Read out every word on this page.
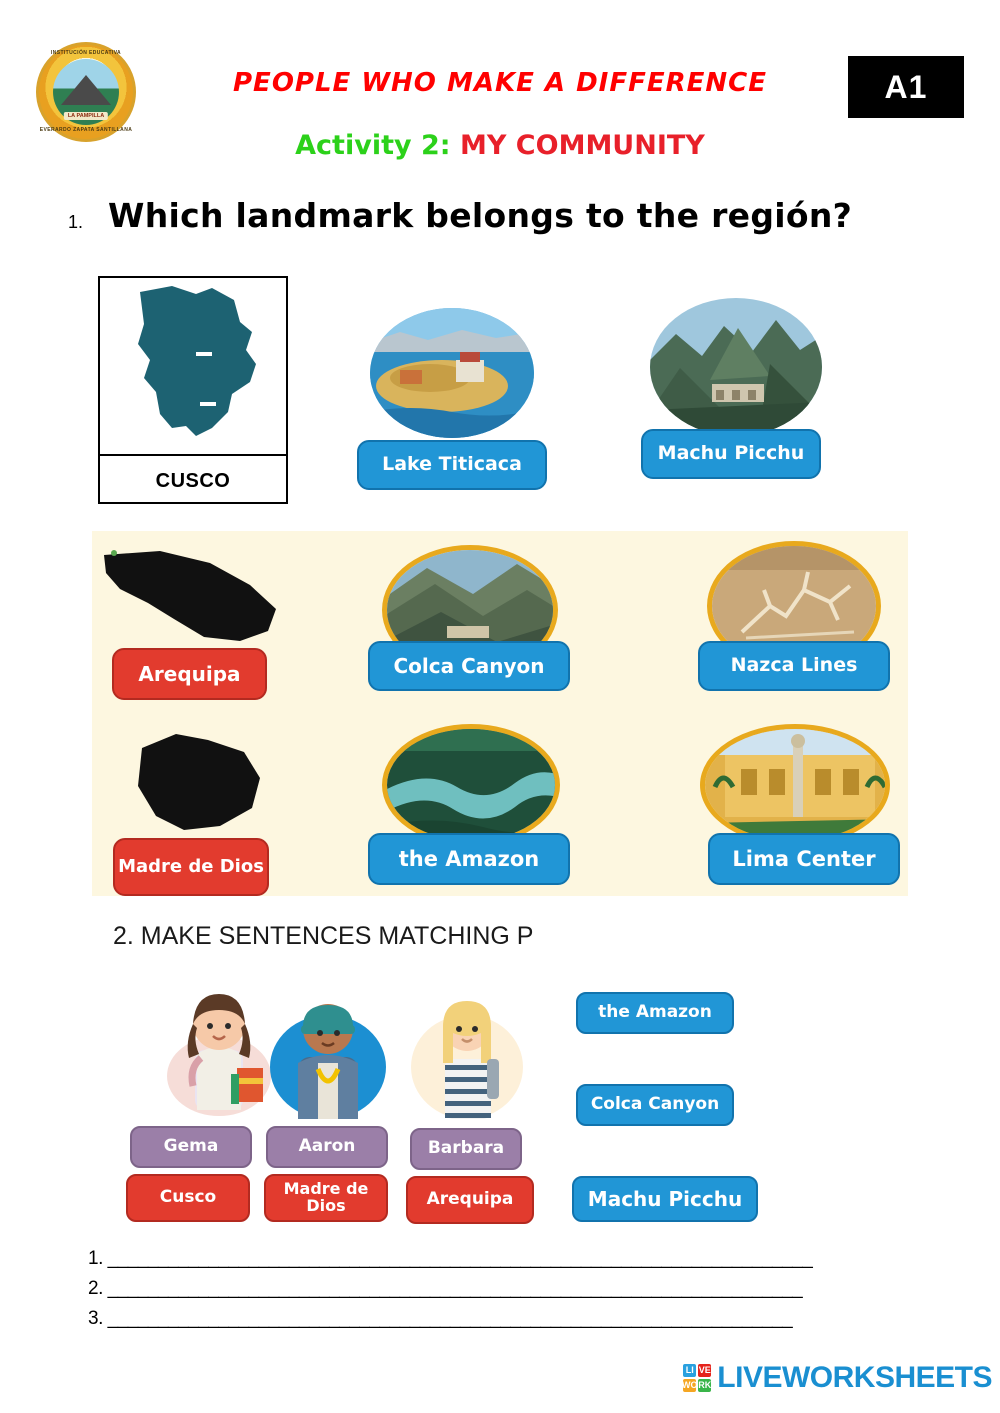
INSTITUCIÓN EDUCATIVA
EVERARDO ZAPATA SANTILLANA
LA PAMPILLA
PEOPLE WHO MAKE A DIFFERENCE
Activity 2: MY COMMUNITY
A1
1. Which landmark belongs to the región?
CUSCO
Lake Titicaca	Machu Picchu
Arequipa	Colca Canyon	Nazca Lines
Madre de Dios	the Amazon	Lima Center
2. MAKE SENTENCES MATCHING P
Gema	Aaron	Barbara
Cusco	Madre de Dios	Arequipa
the Amazon
Colca Canyon
Machu Picchu
1. ______________________________________________________________________
2. _____________________________________________________________________
3. ____________________________________________________________________
LI VE
WO RK LIVEWORKSHEETS
